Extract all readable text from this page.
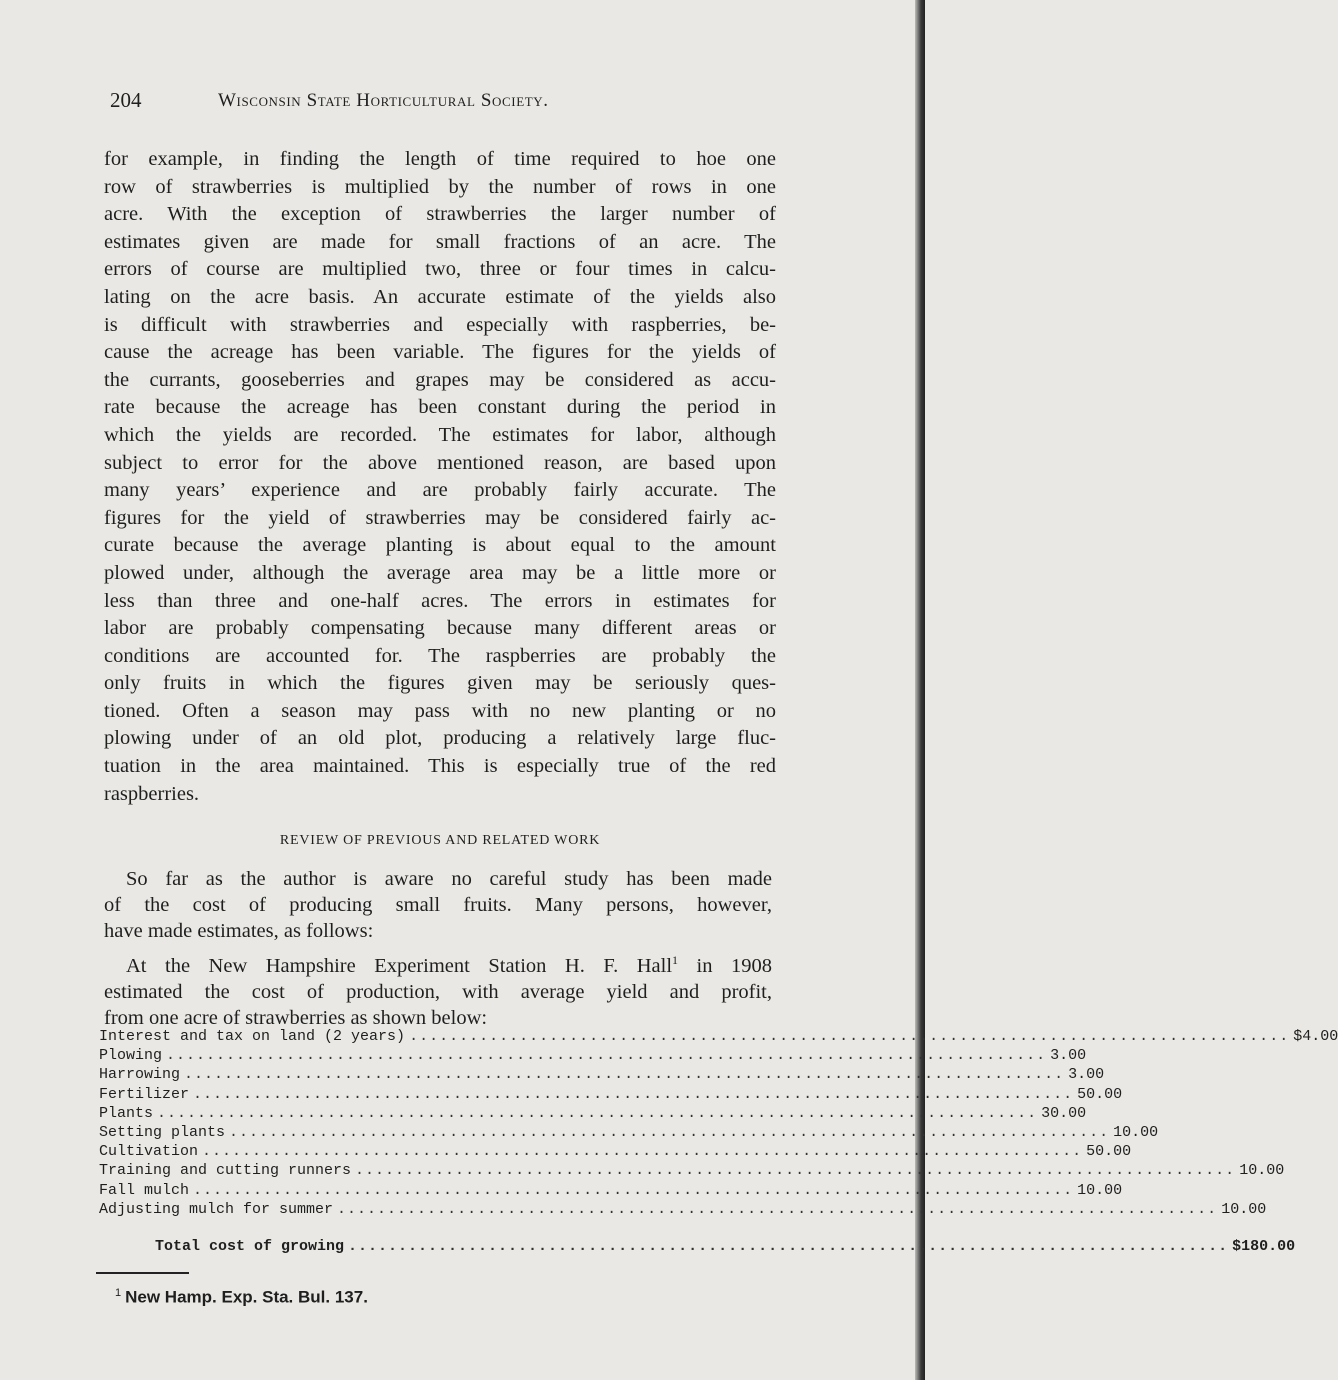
204	Wisconsin State Horticultural Society.
for example, in finding the length of time required to hoe one
row of strawberries is multiplied by the number of rows in one
acre. With the exception of strawberries the larger number of
estimates given are made for small fractions of an acre. The
errors of course are multiplied two, three or four times in calcu-
lating on the acre basis. An accurate estimate of the yields also
is difficult with strawberries and especially with raspberries, be-
cause the acreage has been variable. The figures for the yields of
the currants, gooseberries and grapes may be considered as accu-
rate because the acreage has been constant during the period in
which the yields are recorded. The estimates for labor, although
subject to error for the above mentioned reason, are based upon
many years’ experience and are probably fairly accurate. The
figures for the yield of strawberries may be considered fairly ac-
curate because the average planting is about equal to the amount
plowed under, although the average area may be a little more or
less than three and one-half acres. The errors in estimates for
labor are probably compensating because many different areas or
conditions are accounted for. The raspberries are probably the
only fruits in which the figures given may be seriously ques-
tioned. Often a season may pass with no new planting or no
plowing under of an old plot, producing a relatively large fluc-
tuation in the area maintained. This is especially true of the red
raspberries.
REVIEW OF PREVIOUS AND RELATED WORK
So far as the author is aware no careful study has been made
of the cost of producing small fruits. Many persons, however,
have made estimates, as follows:
At the New Hampshire Experiment Station H. F. Hall$^1$ in 1908
estimated the cost of production, with average yield and profit,
from one acre of strawberries as shown below:
Interest and tax on land (2 years) ........................................................................................ $4.00
Plowing ........................................................................................ 3.00
Harrowing ........................................................................................ 3.00
Fertilizer ........................................................................................ 50.00
Plants ........................................................................................ 30.00
Setting plants ........................................................................................ 10.00
Cultivation ........................................................................................ 50.00
Training and cutting runners ........................................................................................ 10.00
Fall mulch ........................................................................................ 10.00
Adjusting mulch for summer ........................................................................................ 10.00
Total cost of growing ........................................................................................ $180.00
$^1$ New Hamp. Exp. Sta. Bul. 137.
